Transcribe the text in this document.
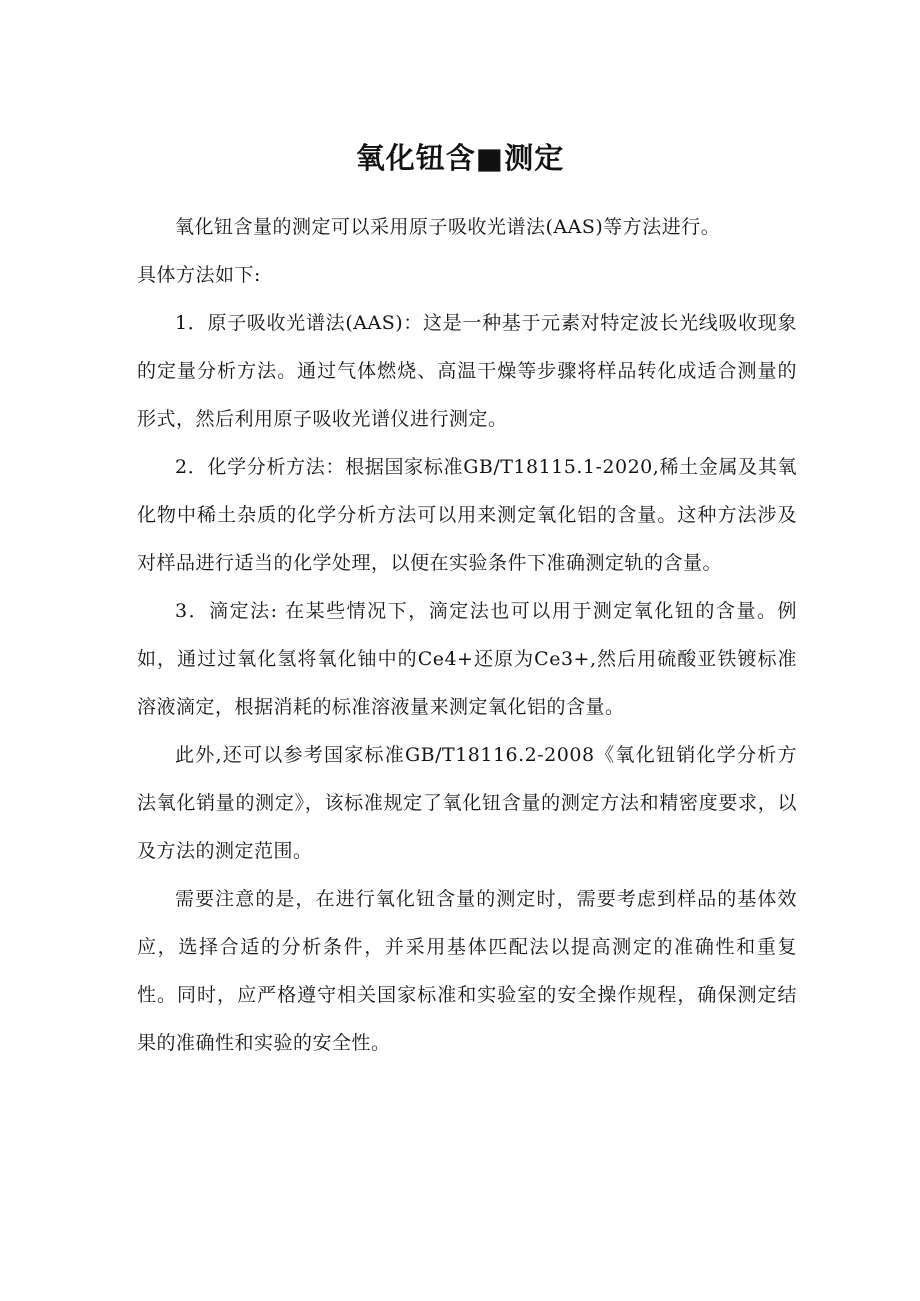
氧化钮含■测定

氧化钮含量的测定可以采用原子吸收光谱法(AAS)等方法进行。

具体方法如下:

1．原子吸收光谱法(AAS)：这是一种基于元素对特定波长光线吸收现象的定量分析方法。通过气体燃烧、高温干燥等步骤将样品转化成适合测量的形式，然后利用原子吸收光谱仪进行测定。

2．化学分析方法：根据国家标准GB/T18115.1-2020,稀土金属及其氧化物中稀土杂质的化学分析方法可以用来测定氧化铝的含量。这种方法涉及对样品进行适当的化学处理，以便在实验条件下准确测定轨的含量。

3．滴定法: 在某些情况下，滴定法也可以用于测定氧化钮的含量。例如，通过过氧化氢将氧化铀中的Ce4+还原为Ce3+,然后用硫酸亚铁镀标准溶液滴定，根据消耗的标准溶液量来测定氧化铝的含量。

此外,还可以参考国家标准GB/T18116.2-2008《氧化钮销化学分析方法氧化销量的测定》，该标准规定了氧化钮含量的测定方法和精密度要求，以及方法的测定范围。

需要注意的是，在进行氧化钮含量的测定时，需要考虑到样品的基体效应，选择合适的分析条件，并采用基体匹配法以提高测定的准确性和重复性。同时，应严格遵守相关国家标准和实验室的安全操作规程，确保测定结果的准确性和实验的安全性。
